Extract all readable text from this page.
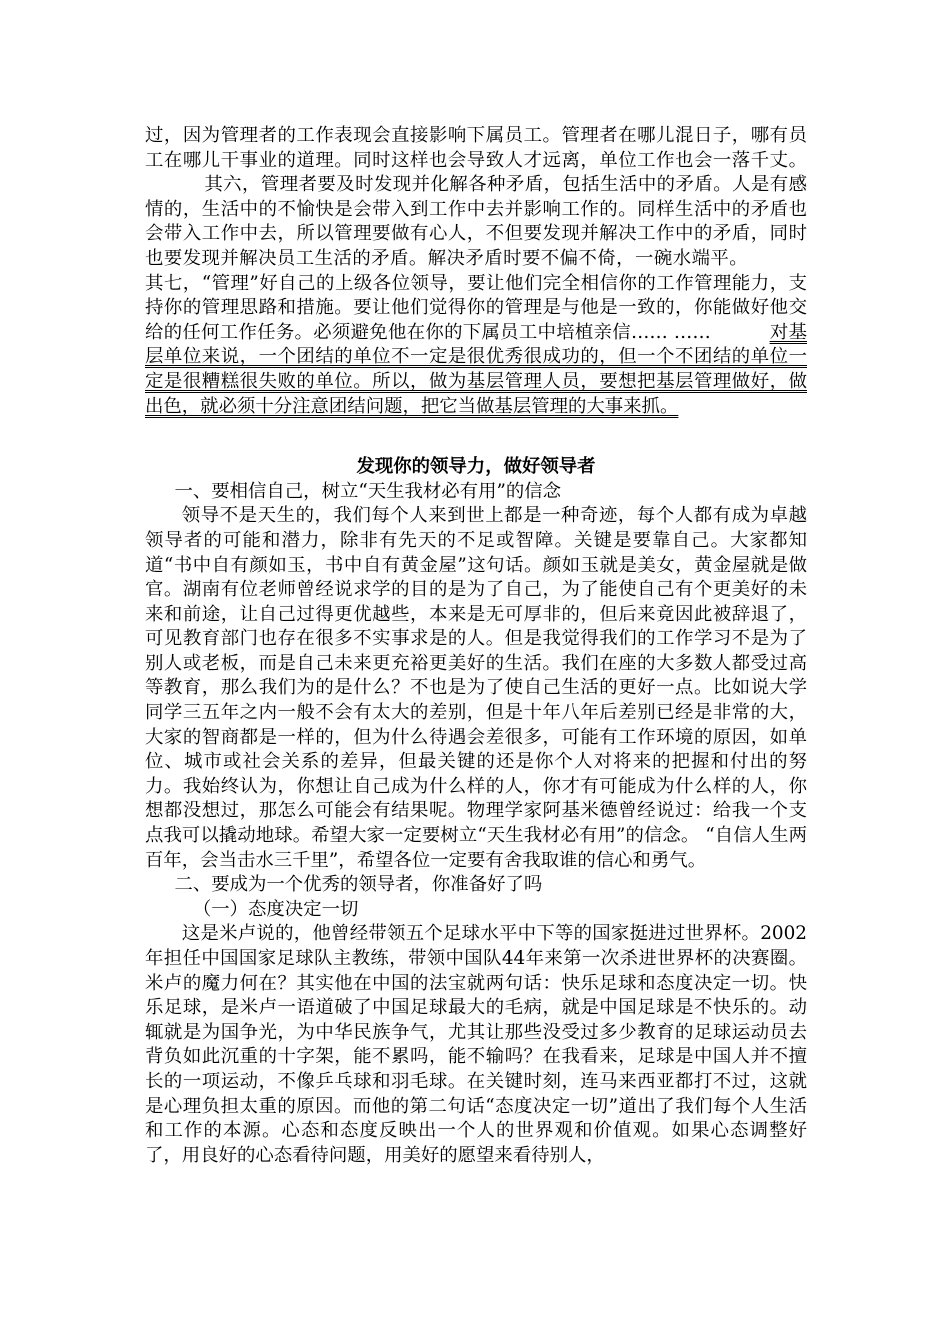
过，因为管理者的工作表现会直接影响下属员工。管理者在哪儿混日子，哪有员工在哪儿干事业的道理。同时这样也会导致人才远离，单位工作也会一落千丈。其六，管理者要及时发现并化解各种矛盾，包括生活中的矛盾。人是有感情的，生活中的不愉快是会带入到工作中去并影响工作的。同样生活中的矛盾也会带入工作中去，所以管理要做有心人，不但要发现并解决工作中的矛盾，同时也要发现并解决员工生活的矛盾。解决矛盾时要不偏不倚，一碗水端平。其七，“管理”好自己的上级各位领导，要让他们完全相信你的工作管理能力，支持你的管理思路和措施。要让他们觉得你的管理是与他是一致的，你能做好他交给的任何工作任务。必须避免他在你的下属员工中培植亲信…… ……	对基层单位来说，一个团结的单位不一定是很优秀很成功的，但一个不团结的单位一定是很糟糕很失败的单位。所以，做为基层管理人员，要想把基层管理做好，做出色，就必须十分注意团结问题，把它当做基层管理的大事来抓。

发现你的领导力，做好领导者

一、要相信自己，树立“天生我材必有用”的信念

领导不是天生的，我们每个人来到世上都是一种奇迹，每个人都有成为卓越领导者的可能和潜力，除非有先天的不足或智障。关键是要靠自己。大家都知道“书中自有颜如玉，书中自有黄金屋”这句话。颜如玉就是美女，黄金屋就是做官。湖南有位老师曾经说求学的目的是为了自己，为了能使自己有个更美好的未来和前途，让自己过得更优越些，本来是无可厚非的，但后来竟因此被辞退了，可见教育部门也存在很多不实事求是的人。但是我觉得我们的工作学习不是为了别人或老板，而是自己未来更充裕更美好的生活。我们在座的大多数人都受过高等教育，那么我们为的是什么？不也是为了使自己生活的更好一点。比如说大学同学三五年之内一般不会有太大的差别，但是十年八年后差别已经是非常的大，大家的智商都是一样的，但为什么待遇会差很多，可能有工作环境的原因，如单位、城市或社会关系的差异，但最关键的还是你个人对将来的把握和付出的努力。我始终认为，你想让自己成为什么样的人，你才有可能成为什么样的人，你想都没想过，那怎么可能会有结果呢。物理学家阿基米德曾经说过：给我一个支点我可以撬动地球。希望大家一定要树立“天生我材必有用”的信念。 “自信人生两百年，会当击水三千里”，希望各位一定要有舍我取谁的信心和勇气。

二、要成为一个优秀的领导者，你准备好了吗

（一）态度决定一切

这是米卢说的，他曾经带领五个足球水平中下等的国家挺进过世界杯。2002年担任中国国家足球队主教练，带领中国队44年来第一次杀进世界杯的决赛圈。米卢的魔力何在？其实他在中国的法宝就两句话：快乐足球和态度决定一切。快乐足球，是米卢一语道破了中国足球最大的毛病，就是中国足球是不快乐的。动辄就是为国争光，为中华民族争气，尤其让那些没受过多少教育的足球运动员去背负如此沉重的十字架，能不累吗，能不输吗？在我看来，足球是中国人并不擅长的一项运动，不像乒乓球和羽毛球。在关键时刻，连马来西亚都打不过，这就是心理负担太重的原因。而他的第二句话“态度决定一切”道出了我们每个人生活和工作的本源。心态和态度反映出一个人的世界观和价值观。如果心态调整好了，用良好的心态看待问题，用美好的愿望来看待别人，
